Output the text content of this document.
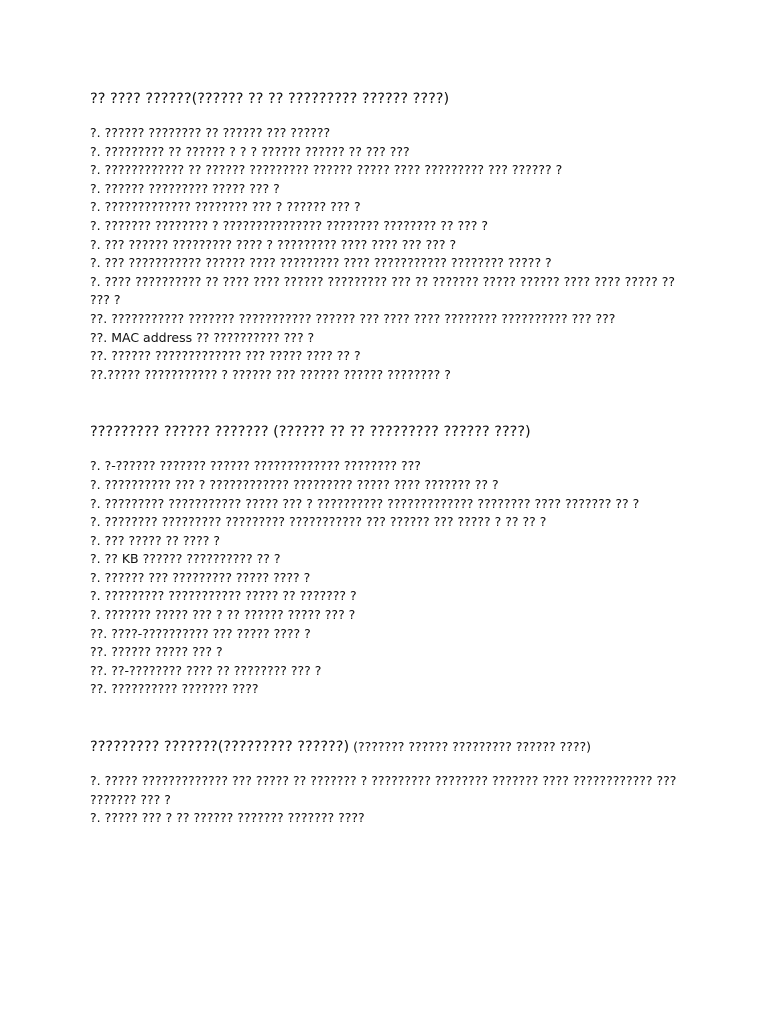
?? ???? ??????(?????? ?? ?? ????????? ?????? ????)

?. ?????? ???????? ?? ?????? ??? ??????

?. ????????? ?? ?????? ? ? ? ?????? ?????? ?? ??? ???

?. ???????????? ?? ?????? ????????? ?????? ????? ???? ????????? ??? ?????? ?

?. ?????? ????????? ????? ??? ?

?. ????????????? ???????? ??? ? ?????? ??? ?

?. ??????? ???????? ? ??????????????? ???????? ???????? ?? ??? ?

?. ??? ?????? ????????? ???? ? ????????? ???? ???? ??? ??? ?

?. ??? ??????????? ?????? ???? ????????? ???? ??????????? ???????? ????? ?

?. ???? ?????????? ?? ???? ???? ?????? ????????? ??? ?? ??????? ????? ?????? ???? ???? ????? ?? ??? ?

??. ??????????? ??????? ??????????? ?????? ??? ???? ???? ???????? ?????????? ??? ???

??. MAC address ?? ?????????? ??? ?

??. ?????? ????????????? ??? ????? ???? ?? ?

??.????? ??????????? ? ?????? ??? ?????? ?????? ???????? ?

????????? ?????? ??????? (?????? ?? ?? ????????? ?????? ????)

?. ?-?????? ??????? ?????? ????????????? ???????? ???

?. ?????????? ??? ? ???????????? ????????? ????? ???? ??????? ?? ?

?. ????????? ??????????? ????? ??? ? ?????????? ????????????? ???????? ???? ??????? ?? ?

?. ???????? ????????? ????????? ??????????? ??? ?????? ??? ????? ? ?? ?? ?

?. ??? ????? ?? ???? ?

?. ?? KB ?????? ?????????? ?? ?

?. ?????? ??? ????????? ????? ???? ?

?. ????????? ??????????? ????? ?? ??????? ?

?. ??????? ????? ??? ? ?? ?????? ????? ??? ?

??. ????-?????????? ??? ????? ???? ?

??. ?????? ????? ??? ?

??. ??-???????? ???? ?? ???????? ??? ?

??. ?????????? ??????? ????

????????? ???????(????????? ??????) (??????? ?????? ????????? ?????? ????)

?. ????? ????????????? ??? ????? ?? ??????? ? ????????? ???????? ??????? ???? ???????????? ??? ??????? ??? ?

?. ????? ??? ? ?? ?????? ??????? ??????? ????
